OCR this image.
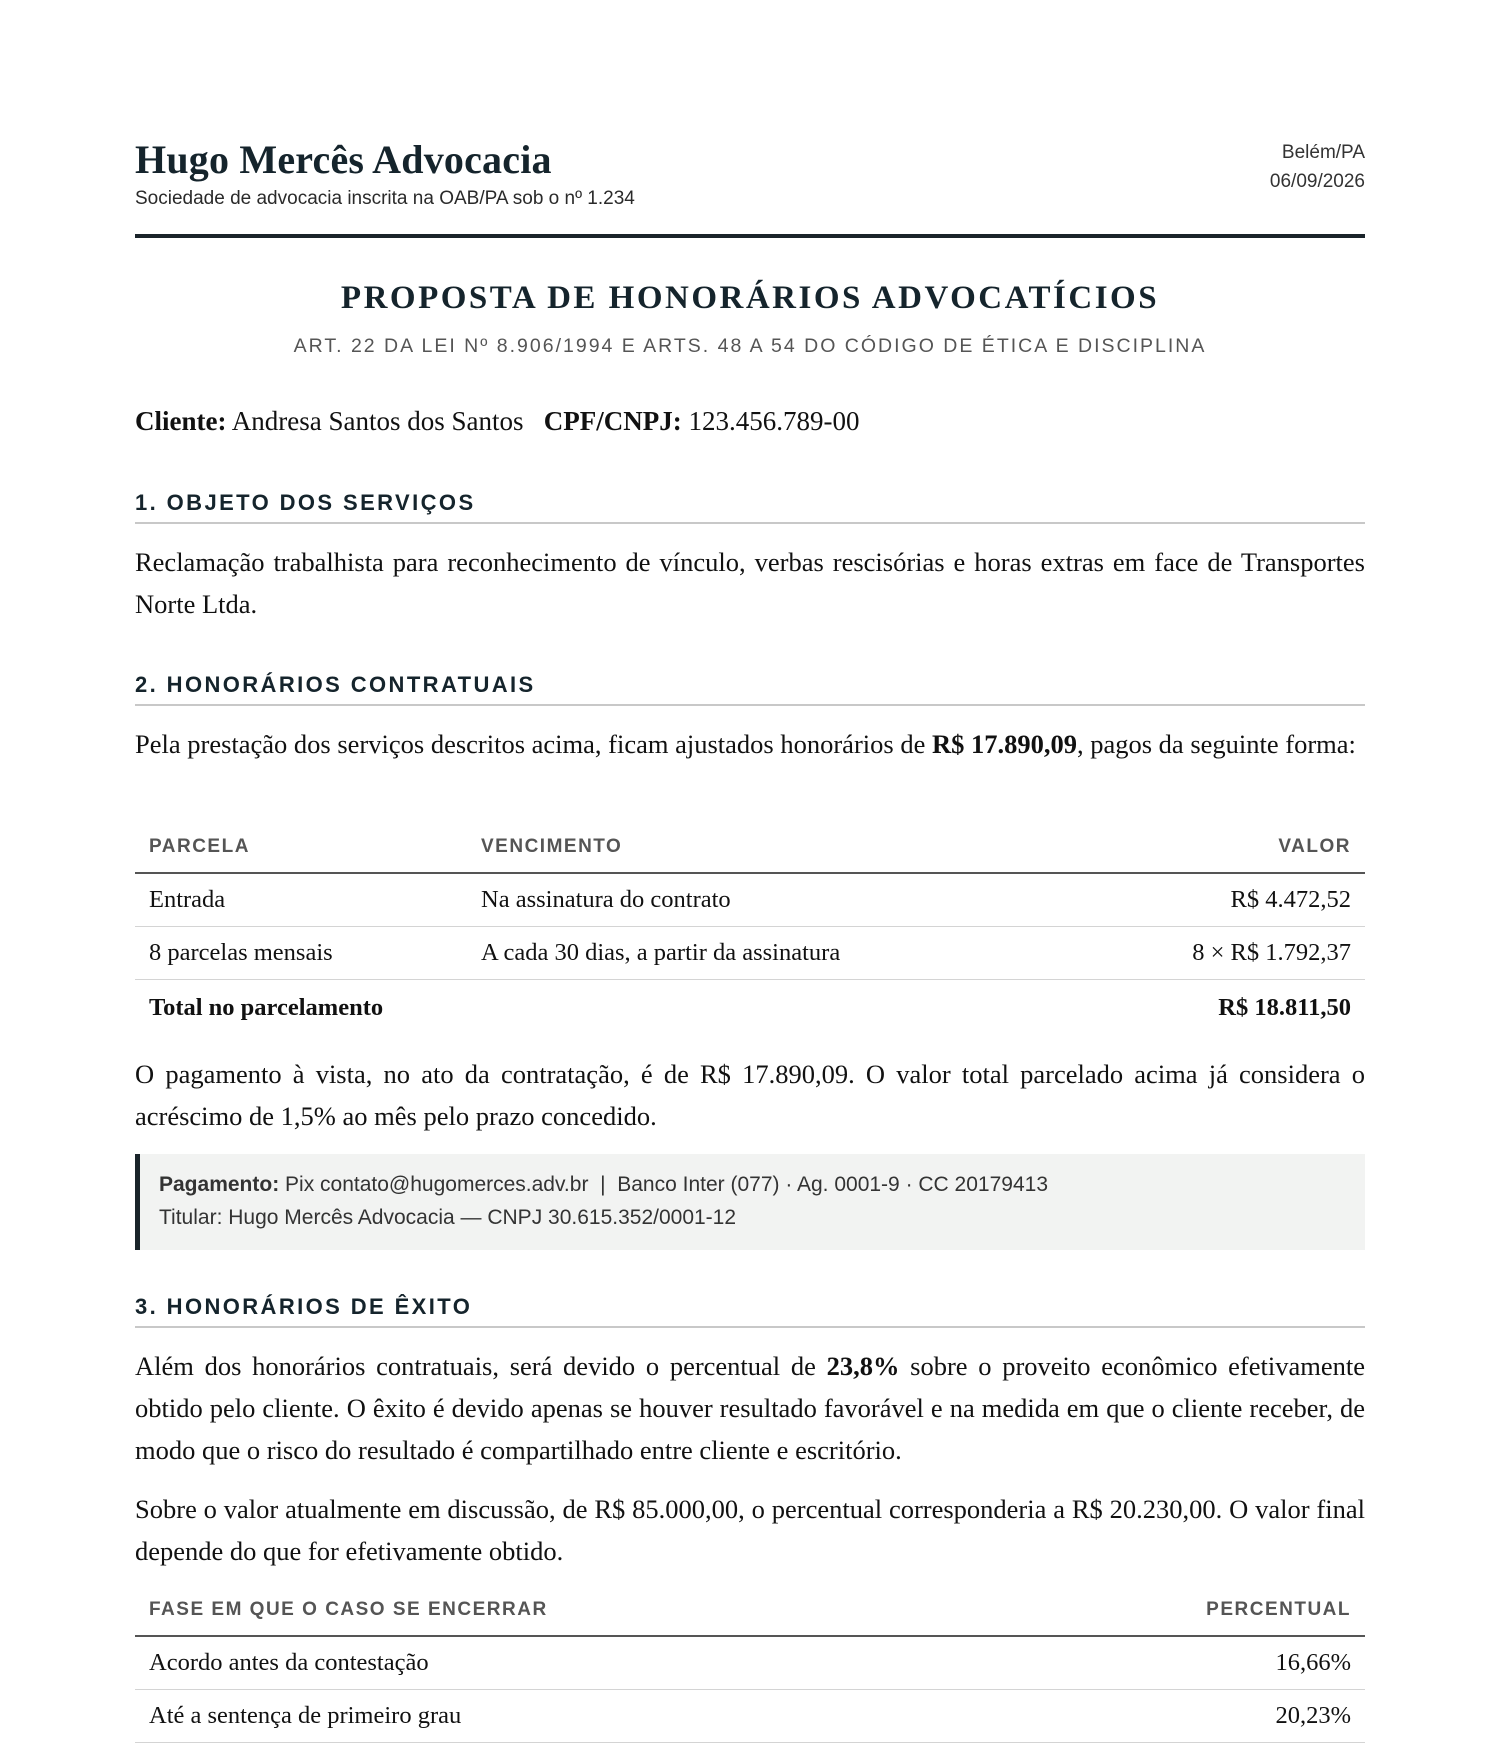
Hugo Mercês Advocacia
Sociedade de advocacia inscrita na OAB/PA sob o nº 1.234
Belém/PA
06/09/2026
PROPOSTA DE HONORÁRIOS ADVOCATÍCIOS
ART. 22 DA LEI Nº 8.906/1994 E ARTS. 48 A 54 DO CÓDIGO DE ÉTICA E DISCIPLINA
Cliente: Andresa Santos dos Santos CPF/CNPJ: 123.456.789-00
1. OBJETO DOS SERVIÇOS
Reclamação trabalhista para reconhecimento de vínculo, verbas rescisórias e horas extras em face de Transportes Norte Ltda.
2. HONORÁRIOS CONTRATUAIS
Pela prestação dos serviços descritos acima, ficam ajustados honorários de R$ 17.890,09, pagos da seguinte forma:
PARCELA	VENCIMENTO	VALOR
Entrada	Na assinatura do contrato	R$ 4.472,52
8 parcelas mensais	A cada 30 dias, a partir da assinatura	8 × R$ 1.792,37
Total no parcelamento		R$ 18.811,50
O pagamento à vista, no ato da contratação, é de R$ 17.890,09. O valor total parcelado acima já considera o acréscimo de 1,5% ao mês pelo prazo concedido.
Pagamento: Pix contato@hugomerces.adv.br  |  Banco Inter (077) · Ag. 0001-9 · CC 20179413
Titular: Hugo Mercês Advocacia — CNPJ 30.615.352/0001-12
3. HONORÁRIOS DE ÊXITO
Além dos honorários contratuais, será devido o percentual de 23,8% sobre o proveito econômico efetivamente obtido pelo cliente. O êxito é devido apenas se houver resultado favorável e na medida em que o cliente receber, de modo que o risco do resultado é compartilhado entre cliente e escritório.
Sobre o valor atualmente em discussão, de R$ 85.000,00, o percentual corresponderia a R$ 20.230,00. O valor final depende do que for efetivamente obtido.
FASE EM QUE O CASO SE ENCERRAR	PERCENTUAL
Acordo antes da contestação	16,66%
Até a sentença de primeiro grau	20,23%
